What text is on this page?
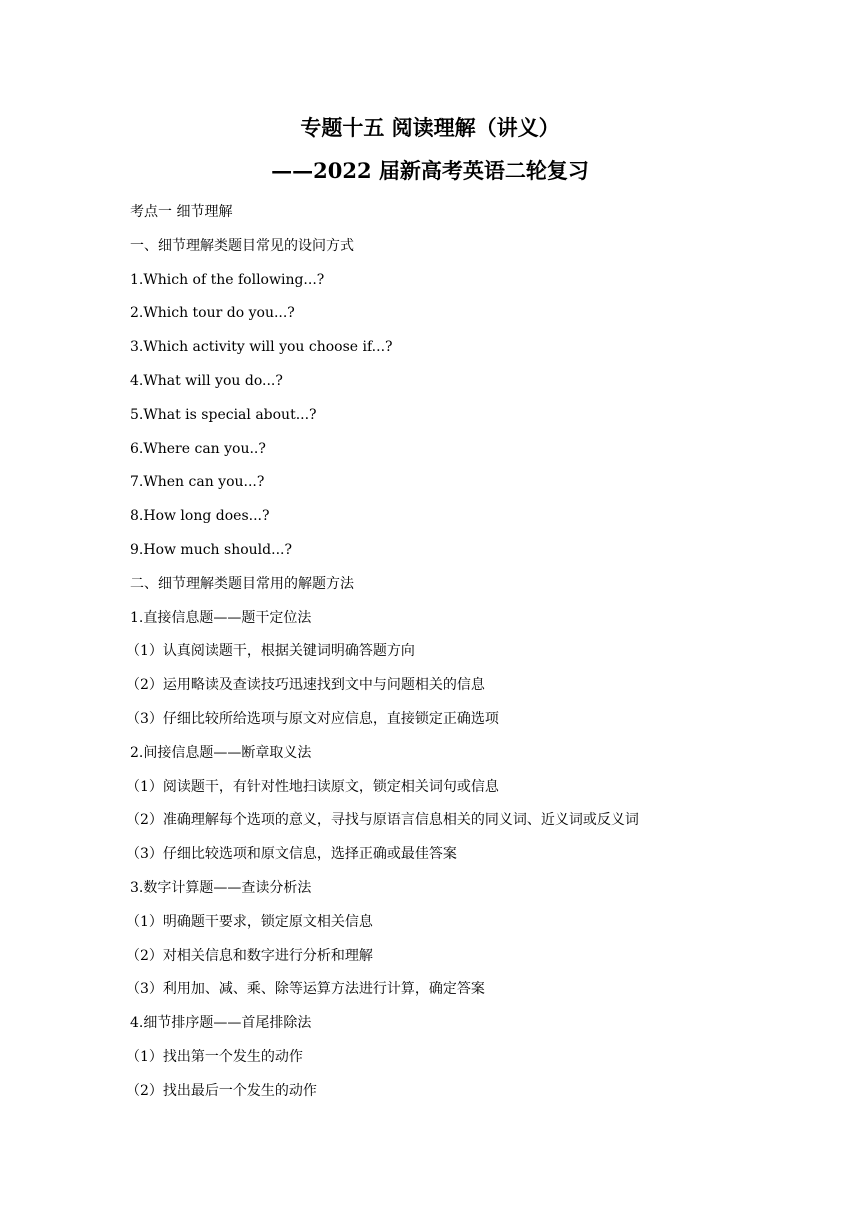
专题十五 阅读理解（讲义）
——2022 届新高考英语二轮复习
考点一 细节理解
一、细节理解类题目常见的设问方式
1.Which of the following...?
2.Which tour do you...?
3.Which activity will you choose if...?
4.What will you do...?
5.What is special about...?
6.Where can you..?
7.When can you...?
8.How long does...?
9.How much should...?
二、细节理解类题目常用的解题方法
1.直接信息题——题干定位法
（1）认真阅读题干，根据关键词明确答题方向
（2）运用略读及查读技巧迅速找到文中与问题相关的信息
（3）仔细比较所给选项与原文对应信息，直接锁定正确选项
2.间接信息题——断章取义法
（1）阅读题干，有针对性地扫读原文，锁定相关词句或信息
（2）准确理解每个选项的意义，寻找与原语言信息相关的同义词、近义词或反义词
（3）仔细比较选项和原文信息，选择正确或最佳答案
3.数字计算题——查读分析法
（1）明确题干要求，锁定原文相关信息
（2）对相关信息和数字进行分析和理解
（3）利用加、减、乘、除等运算方法进行计算，确定答案
4.细节排序题——首尾排除法
（1）找出第一个发生的动作
（2）找出最后一个发生的动作
